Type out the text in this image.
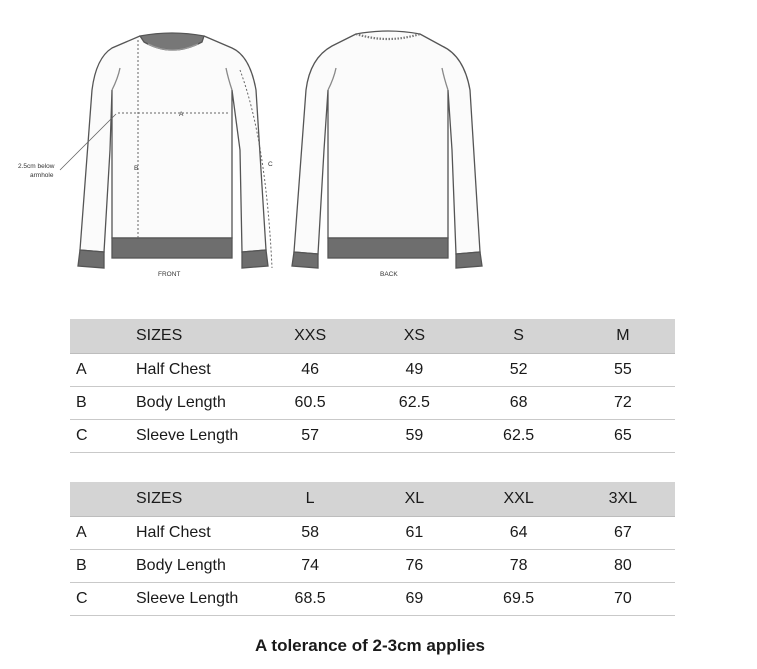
A
B
C
2.5cm below
armhole
FRONT	BACK
	SIZES	XXS	XS	S	M
A	Half Chest	46	49	52	55
B	Body Length	60.5	62.5	68	72
C	Sleeve Length	57	59	62.5	65
	SIZES	L	XL	XXL	3XL
A	Half Chest	58	61	64	67
B	Body Length	74	76	78	80
C	Sleeve Length	68.5	69	69.5	70
A tolerance of 2-3cm applies
